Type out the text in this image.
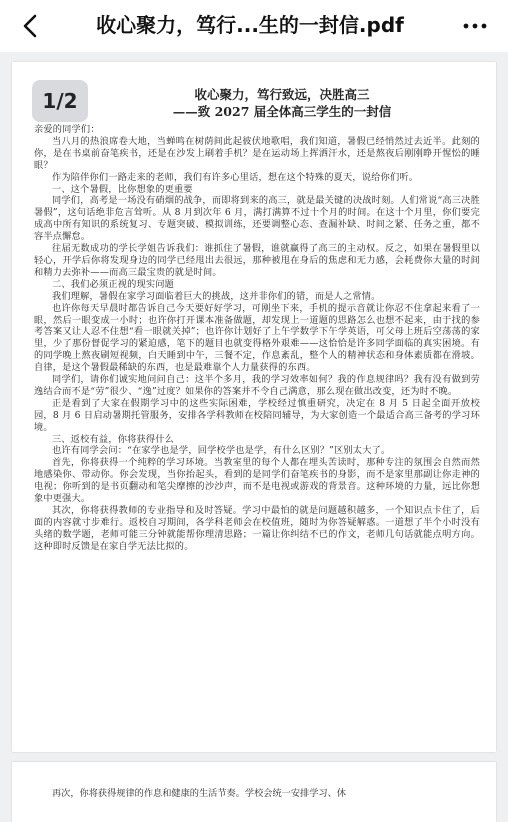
收心聚力，笃行...生的一封信.pdf
收心聚力，笃行致远，决胜高三
——致 2027 届全体高三学生的一封信

亲爱的同学们：

当八月的热浪席卷大地，当蝉鸣在树荫间此起彼伏地歌唱，我们知道，暑假已经悄然过去近半。此刻的你，是在书桌前奋笔疾书，还是在沙发上刷着手机？是在运动场上挥洒汗水，还是熬夜后刚刚睁开惺忪的睡眼？

作为陪伴你们一路走来的老师，我们有许多心里话，想在这个特殊的夏天，说给你们听。

一、这个暑假，比你想象的更重要

同学们，高考是一场没有硝烟的战争，而即将到来的高三，就是最关键的决战时刻。人们常说“高三决胜暑假”，这句话绝非危言耸听。从 8 月到次年 6 月，满打满算不过十个月的时间。在这十个月里，你们要完成高中所有知识的系统复习、专题突破、模拟训练，还要调整心态、查漏补缺、时间之紧、任务之重，都不容半点懈怠。

往届无数成功的学长学姐告诉我们：谁抓住了暑假，谁就赢得了高三的主动权。反之，如果在暑假里以轻心，开学后你将发现身边的同学已经甩出去很远，那种被甩在身后的焦虑和无力感，会耗费你大量的时间和精力去弥补——而高三最宝贵的就是时间。

二、我们必须正视的现实问题

我们理解，暑假在家学习面临着巨大的挑战，这并非你们的错，而是人之常情。

也许你每天早晨时都告诉自己今天要好好学习，可刚坐下来，手机的提示音就让你忍不住拿起来看了一眼，然后一眼变成一小时；也许你打开课本准备做题，却发现上一道题的思路怎么也想不起来，由于找的参考答案又让人忍不住想“看一眼就关掉”；也许你计划好了上午学数学下午学英语，可父母上班后空荡荡的家里，少了那份督促学习的紧迫感，笔下的题目也就变得格外艰难——这恰恰是许多同学面临的真实困境。有的同学晚上熬夜刷短视频，白天睡到中午，三餐不定，作息紊乱，整个人的精神状态和身体素质都在滑坡。自律，是这个暑假最稀缺的东西，也是最难靠个人力量获得的东西。

同学们，请你们诚实地问问自己：这半个多月，我的学习效率如何？我的作息规律吗？我有没有做到劳逸结合而不是“劳”很少、“逸”过度？如果你的答案并不令自己满意，那么现在做出改变，还为时不晚。

正是看到了大家在假期学习中的这些实际困难，学校经过慎重研究，决定在 8 月 5 日起全面开放校园，8 月 6 日启动暑期托管服务，安排各学科教师在校陪同辅导，为大家创造一个最适合高三备考的学习环境。

三、返校有益，你将获得什么

也许有同学会问：“在家学也是学，回学校学也是学，有什么区别？”区别太大了。

首先，你将获得一个纯粹的学习环境。当教室里的每个人都在埋头苦读时，那种专注的氛围会自然而然地感染你、带动你。你会发现，当你抬起头，看到的是同学们奋笔疾书的身影，而不是家里那副让你走神的电视；你听到的是书页翻动和笔尖摩擦的沙沙声，而不是电视或游戏的背景音。这种环境的力量，远比你想象中更强大。

其次，你将获得教师的专业指导和及时答疑。学习中最怕的就是问题越积越多，一个知识点卡住了，后面的内容就寸步难行。返校自习期间，各学科老师会在校值班，随时为你答疑解惑。一道想了半个小时没有头绪的数学题，老师可能三分钟就能帮你理清思路；一篇让你纠结不已的作文，老师几句话就能点明方向。这种即时反馈是在家自学无法比拟的。

1/2
再次，你将获得规律的作息和健康的生活节奏。学校会统一安排学习、休
